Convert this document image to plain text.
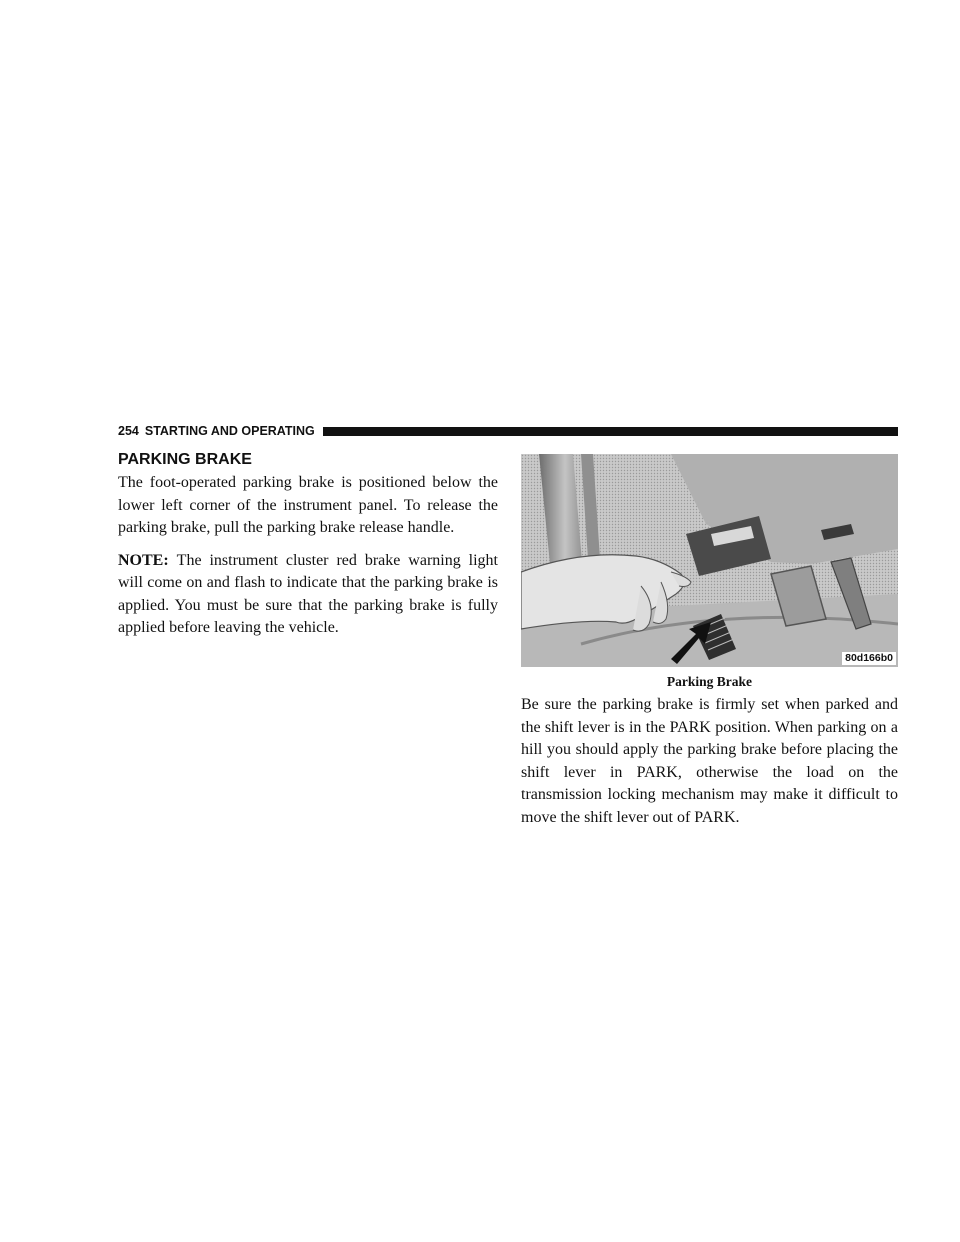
254 STARTING AND OPERATING
PARKING BRAKE

The foot-operated parking brake is positioned below the lower left corner of the instrument panel. To release the parking brake, pull the parking brake release handle.

NOTE: The instrument cluster red brake warning light will come on and flash to indicate that the parking brake is applied. You must be sure that the parking brake is fully applied before leaving the vehicle.

80d166b0
Parking Brake

Be sure the parking brake is firmly set when parked and the shift lever is in the PARK position. When parking on a hill you should apply the parking brake before placing the shift lever in PARK, otherwise the load on the transmission locking mechanism may make it difficult to move the shift lever out of PARK.
